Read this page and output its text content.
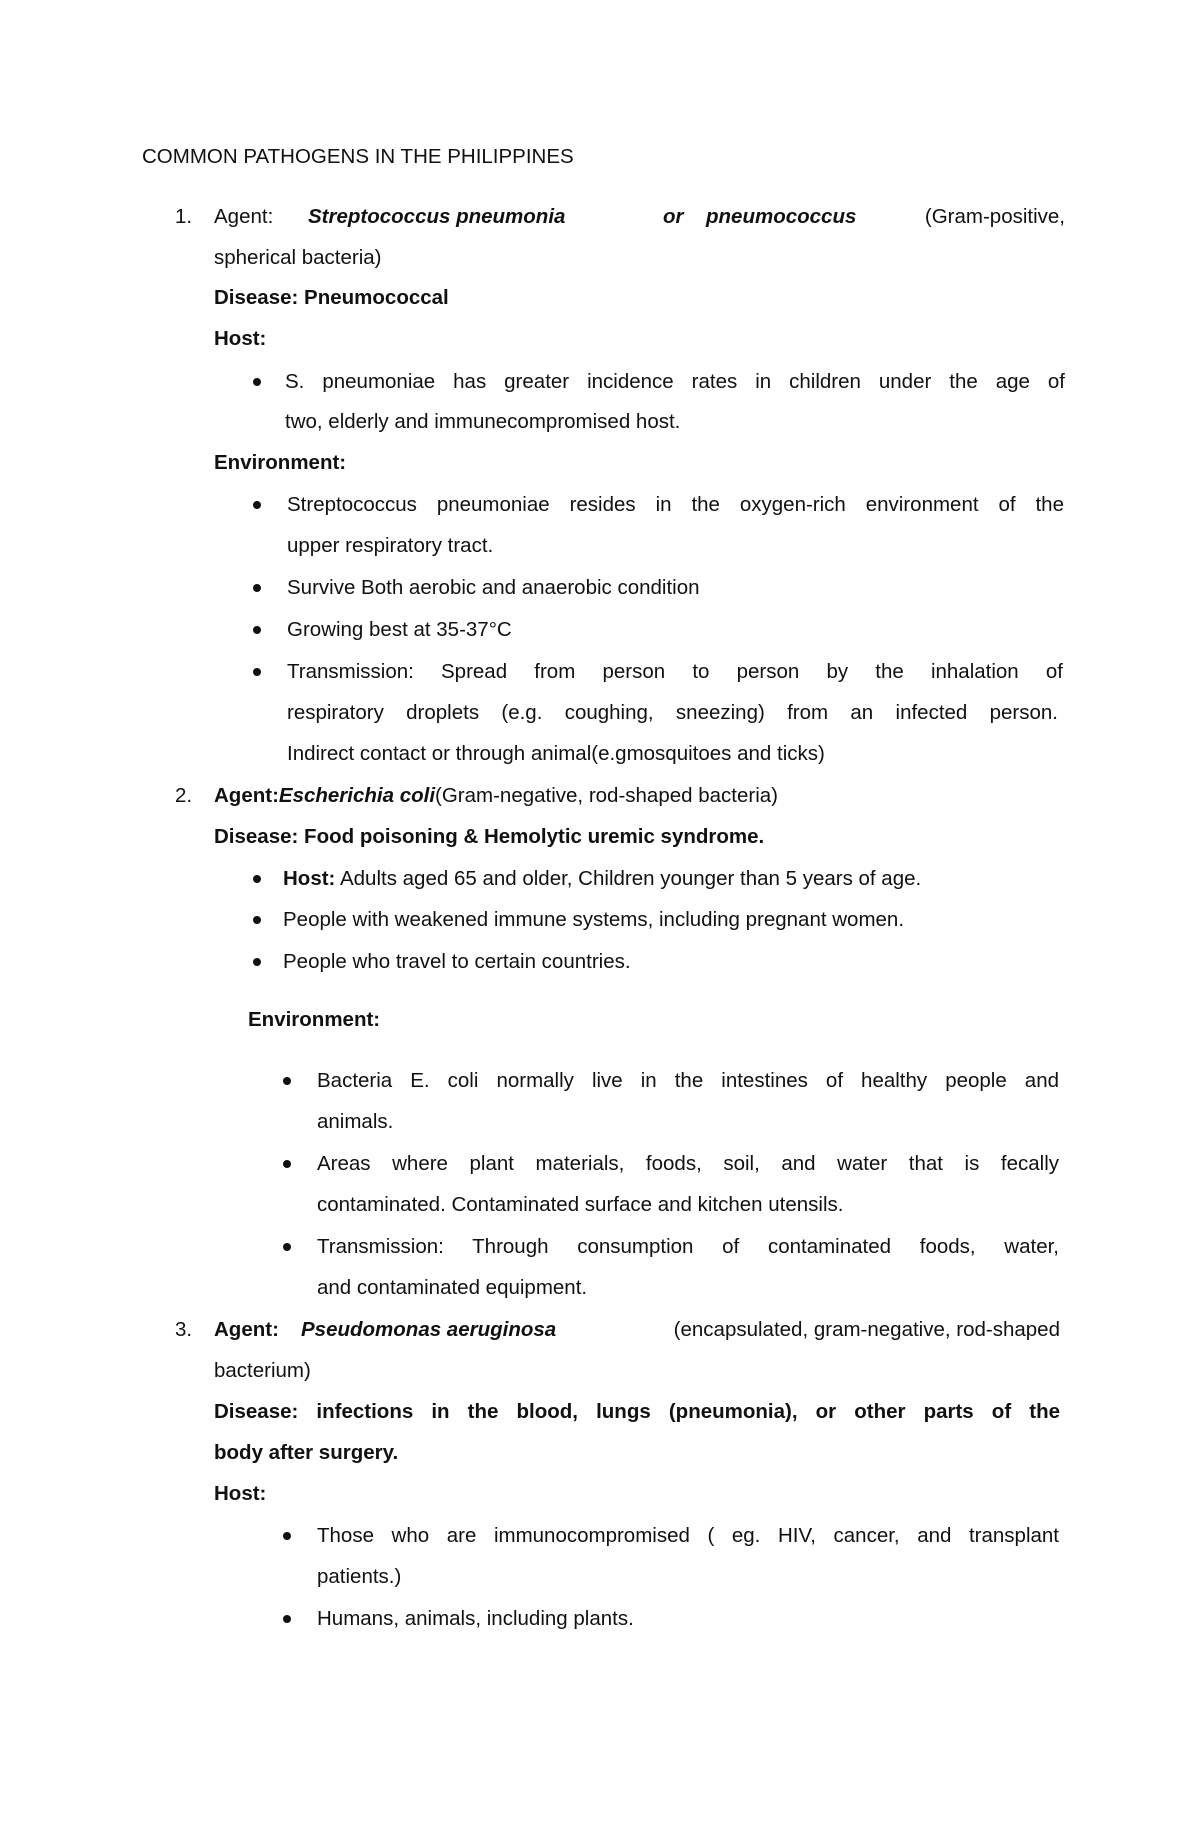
COMMON PATHOGENS IN THE PHILIPPINES
1. Agent: Streptococcus pneumonia	or pneumococcus	(Gram-positive,
spherical bacteria)
Disease: Pneumococcal
Host:
S. pneumoniae has greater incidence rates in children under the age of
two, elderly and immunecompromised host.
Environment:
Streptococcus pneumoniae resides in the oxygen-rich environment of the
upper respiratory tract.
Survive Both aerobic and anaerobic condition
Growing best at 35-37°C
Transmission: Spread from person to person by the inhalation of
respiratory droplets (e.g. coughing, sneezing) from an infected person.
Indirect contact or through animal(e.gmosquitoes and ticks)
2. Agent:Escherichia coli(Gram-negative, rod-shaped bacteria)
Disease: Food poisoning & Hemolytic uremic syndrome.
Host: Adults aged 65 and older, Children younger than 5 years of age.
People with weakened immune systems, including pregnant women.
People who travel to certain countries.
Environment:
Bacteria E. coli normally live in the intestines of healthy people and
animals.
Areas where plant materials, foods, soil, and water that is fecally
contaminated. Contaminated surface and kitchen utensils.
Transmission: Through consumption of contaminated foods, water,
and contaminated equipment.
3. Agent: Pseudomonas aeruginosa	(encapsulated, gram-negative, rod-shaped
bacterium)
Disease: infections in the blood, lungs (pneumonia), or other parts of the
body after surgery.
Host:
Those who are immunocompromised ( eg. HIV, cancer, and transplant
patients.)
Humans, animals, including plants.
